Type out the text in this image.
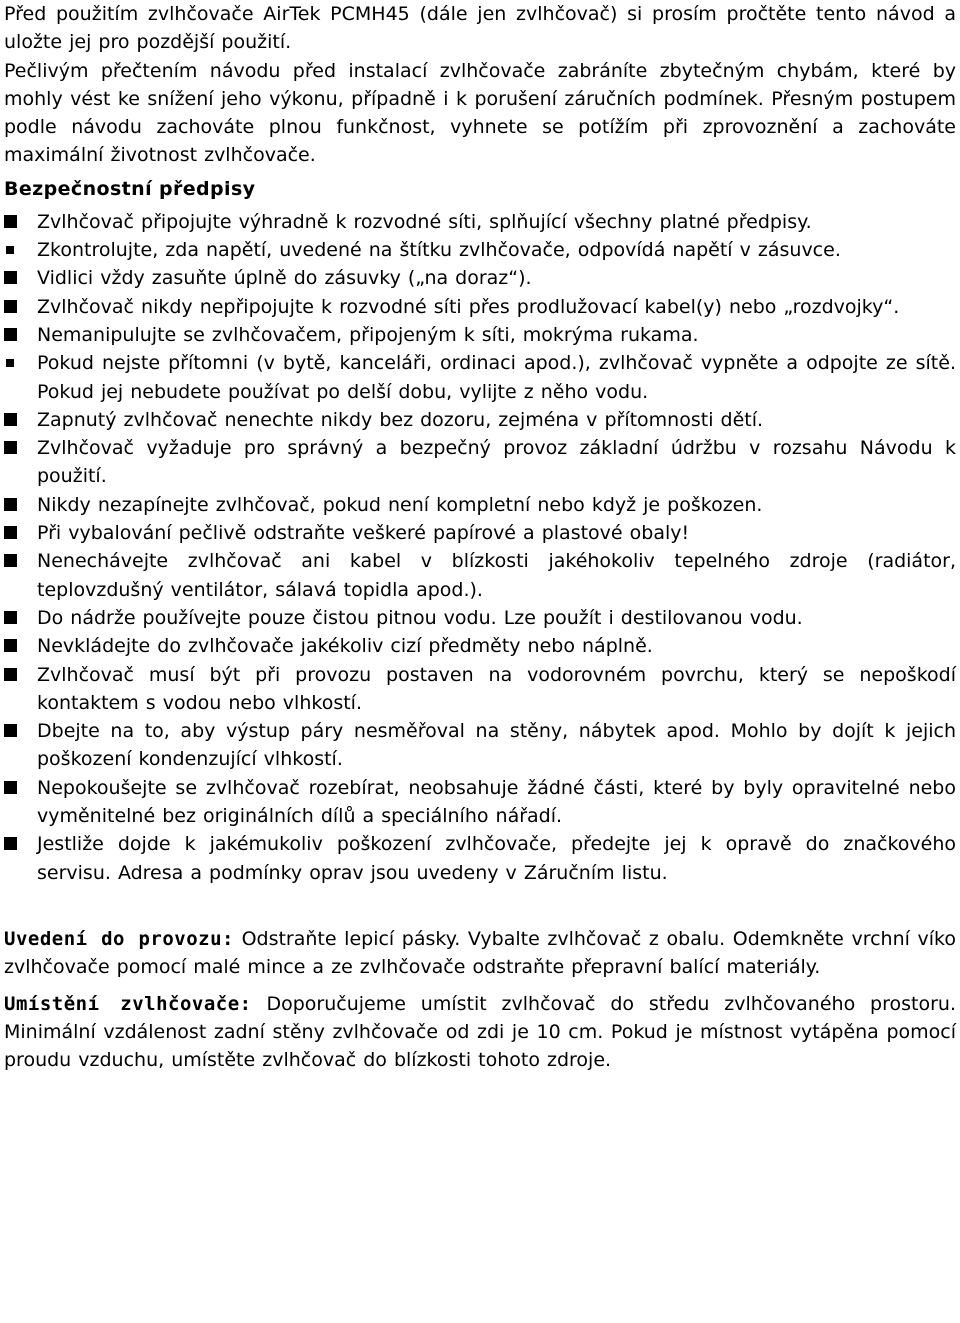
Před použitím zvlhčovače AirTek PCMH45 (dále jen zvlhčovač) si prosím pročtěte tento návod a uložte jej pro pozdější použití.

Pečlivým přečtením návodu před instalací zvlhčovače zabráníte zbytečným chybám, které by mohly vést ke snížení jeho výkonu, případně i k porušení záručních podmínek. Přesným postupem podle návodu zachováte plnou funkčnost, vyhnete se potížím při zprovoznění a zachováte maximální životnost zvlhčovače.

Bezpečnostní předpisy
Zvlhčovač připojujte výhradně k rozvodné síti, splňující všechny platné předpisy.
Zkontrolujte, zda napětí, uvedené na štítku zvlhčovače, odpovídá napětí v zásuvce.
Vidlici vždy zasuňte úplně do zásuvky („na doraz“).
Zvlhčovač nikdy nepřipojujte k rozvodné síti přes prodlužovací kabel(y) nebo „rozdvojky“.
Nemanipulujte se zvlhčovačem, připojeným k síti, mokrýma rukama.
Pokud nejste přítomni (v bytě, kanceláři, ordinaci apod.), zvlhčovač vypněte a odpojte ze sítě. Pokud jej nebudete používat po delší dobu, vylijte z něho vodu.
Zapnutý zvlhčovač nenechte nikdy bez dozoru, zejména v přítomnosti dětí.
Zvlhčovač vyžaduje pro správný a bezpečný provoz základní údržbu v rozsahu Návodu k použití.
Nikdy nezapínejte zvlhčovač, pokud není kompletní nebo když je poškozen.
Při vybalování pečlivě odstraňte veškeré papírové a plastové obaly!
Nenechávejte zvlhčovač ani kabel v blízkosti jakéhokoliv tepelného zdroje (radiátor, teplovzdušný ventilátor, sálavá topidla apod.).
Do nádrže používejte pouze čistou pitnou vodu. Lze použít i destilovanou vodu.
Nevkládejte do zvlhčovače jakékoliv cizí předměty nebo náplně.
Zvlhčovač musí být při provozu postaven na vodorovném povrchu, který se nepoškodí kontaktem s vodou nebo vlhkostí.
Dbejte na to, aby výstup páry nesměřoval na stěny, nábytek apod. Mohlo by dojít k jejich poškození kondenzující vlhkostí.
Nepokoušejte se zvlhčovač rozebírat, neobsahuje žádné části, které by byly opravitelné nebo vyměnitelné bez originálních dílů a speciálního nářadí.
Jestliže dojde k jakémukoliv poškození zvlhčovače, předejte jej k opravě do značkového servisu. Adresa a podmínky oprav jsou uvedeny v Záručním listu.

Uvedení do provozu: Odstraňte lepicí pásky. Vybalte zvlhčovač z obalu. Odemkněte vrchní víko zvlhčovače pomocí malé mince a ze zvlhčovače odstraňte přepravní balící materiály.

Umístění zvlhčovače: Doporučujeme umístit zvlhčovač do středu zvlhčovaného prostoru. Minimální vzdálenost zadní stěny zvlhčovače od zdi je 10 cm. Pokud je místnost vytápěna pomocí proudu vzduchu, umístěte zvlhčovač do blízkosti tohoto zdroje.
